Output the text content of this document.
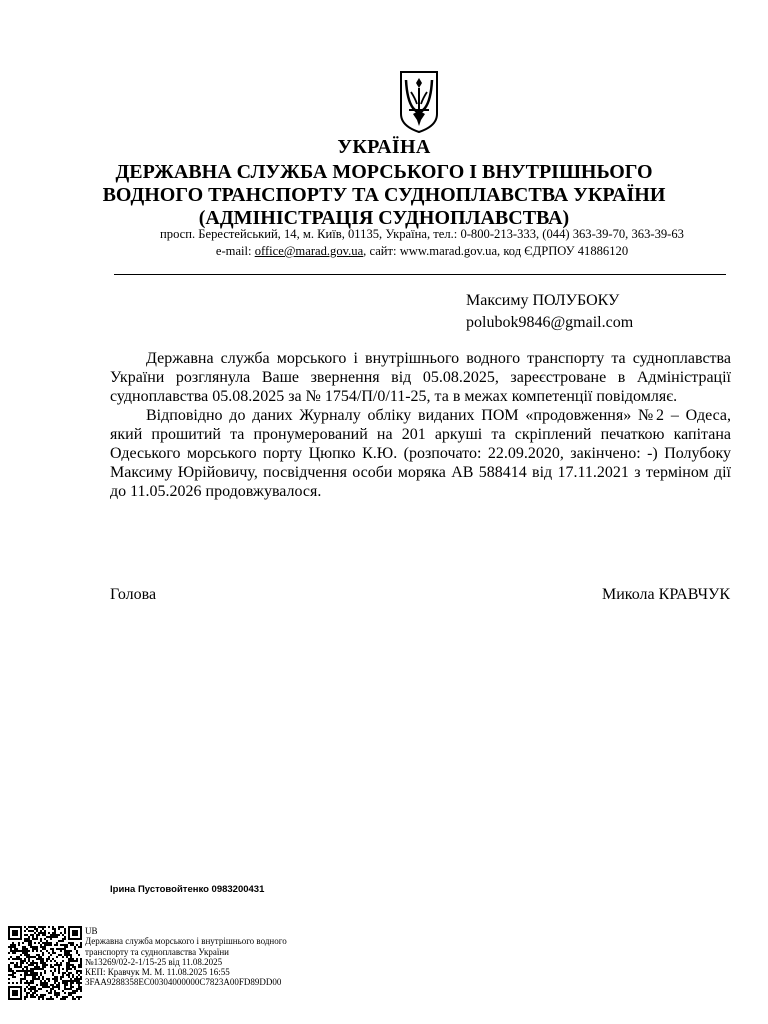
УКРАЇНА
ДЕРЖАВНА СЛУЖБА МОРСЬКОГО І ВНУТРІШНЬОГО
ВОДНОГО ТРАНСПОРТУ ТА СУДНОПЛАВСТВА УКРАЇНИ
(АДМІНІСТРАЦІЯ СУДНОПЛАВСТВА)
просп. Берестейський, 14, м. Київ, 01135, Україна, тел.: 0-800-213-333, (044) 363-39-70, 363-39-63
e-mail: office@marad.gov.ua, сайт: www.marad.gov.ua, код ЄДРПОУ 41886120
Максиму ПОЛУБОКУ
polubok9846@gmail.com

Державна служба морського і внутрішнього водного транспорту та судноплавства України розглянула Ваше звернення від 05.08.2025, зареєстроване в Адміністрації судноплавства 05.08.2025 за № 1754/П/0/11-25, та в межах компетенції повідомляє.

Відповідно до даних Журналу обліку виданих ПОМ «продовження» №2 – Одеса, який прошитий та пронумерований на 201 аркуші та скріплений печаткою капітана Одеського морського порту Цюпко К.Ю. (розпочато: 22.09.2020, закінчено: -) Полубоку Максиму Юрійовичу, посвідчення особи моряка АВ 588414 від 17.11.2021 з терміном дії до 11.05.2026 продовжувалося.

Голова	Микола КРАВЧУК
Ірина Пустовойтенко 0983200431
UB
Державна служба морського і внутрішнього водного
транспорту та судноплавства України
№13269/02-2-1/15-25 від 11.08.2025
КЕП: Кравчук М. М. 11.08.2025 16:55
3FAA9288358EC00304000000C7823A00FD89DD00
